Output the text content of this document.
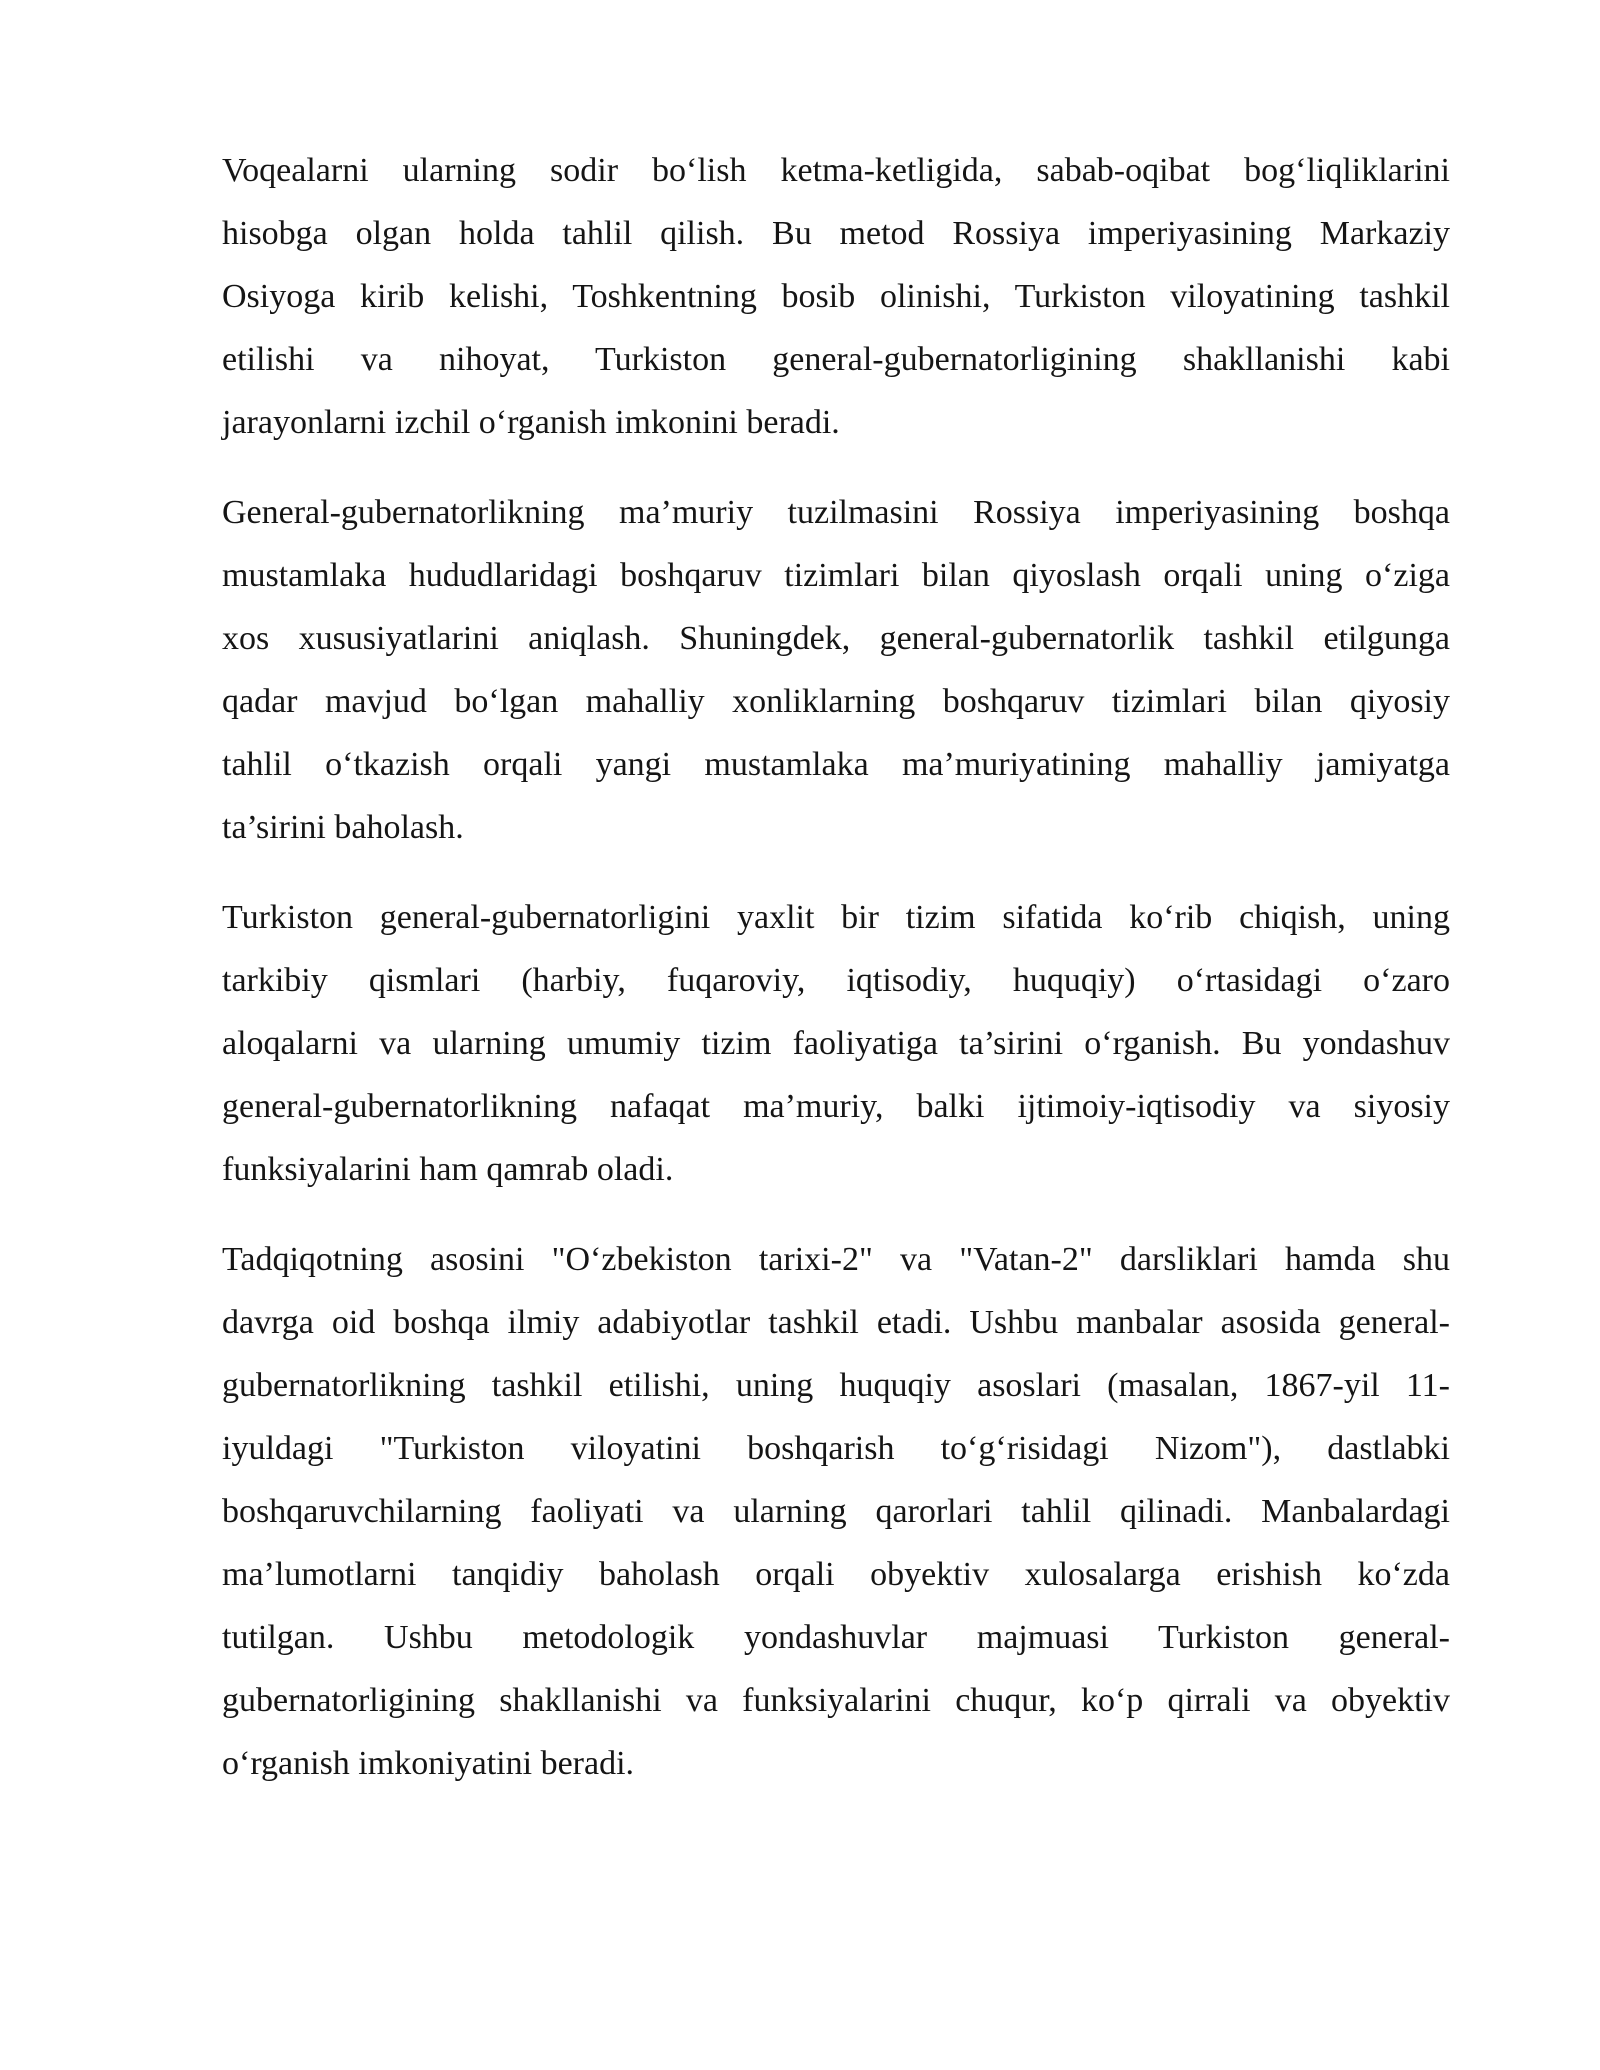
Voqealarni ularning sodir boʻlish ketma-ketligida, sabab-oqibat bogʻliqliklarini
hisobga olgan holda tahlil qilish. Bu metod Rossiya imperiyasining Markaziy
Osiyoga kirib kelishi, Toshkentning bosib olinishi, Turkiston viloyatining tashkil
etilishi va nihoyat, Turkiston general-gubernatorligining shakllanishi kabi
jarayonlarni izchil oʻrganish imkonini beradi.
General-gubernatorlikning ma’muriy tuzilmasini Rossiya imperiyasining boshqa
mustamlaka hududlaridagi boshqaruv tizimlari bilan qiyoslash orqali uning oʻziga
xos xususiyatlarini aniqlash. Shuningdek, general-gubernatorlik tashkil etilgunga
qadar mavjud boʻlgan mahalliy xonliklarning boshqaruv tizimlari bilan qiyosiy
tahlil oʻtkazish orqali yangi mustamlaka ma’muriyatining mahalliy jamiyatga
ta’sirini baholash.
Turkiston general-gubernatorligini yaxlit bir tizim sifatida koʻrib chiqish, uning
tarkibiy qismlari (harbiy, fuqaroviy, iqtisodiy, huquqiy) oʻrtasidagi oʻzaro
aloqalarni va ularning umumiy tizim faoliyatiga ta’sirini oʻrganish. Bu yondashuv
general-gubernatorlikning nafaqat ma’muriy, balki ijtimoiy-iqtisodiy va siyosiy
funksiyalarini ham qamrab oladi.
Tadqiqotning asosini "Oʻzbekiston tarixi-2" va "Vatan-2" darsliklari hamda shu
davrga oid boshqa ilmiy adabiyotlar tashkil etadi. Ushbu manbalar asosida general-
gubernatorlikning tashkil etilishi, uning huquqiy asoslari (masalan, 1867-yil 11-
iyuldagi "Turkiston viloyatini boshqarish toʻgʻrisidagi Nizom"), dastlabki
boshqaruvchilarning faoliyati va ularning qarorlari tahlil qilinadi. Manbalardagi
ma’lumotlarni tanqidiy baholash orqali obyektiv xulosalarga erishish koʻzda
tutilgan. Ushbu metodologik yondashuvlar majmuasi Turkiston general-
gubernatorligining shakllanishi va funksiyalarini chuqur, koʻp qirrali va obyektiv
oʻrganish imkoniyatini beradi.
